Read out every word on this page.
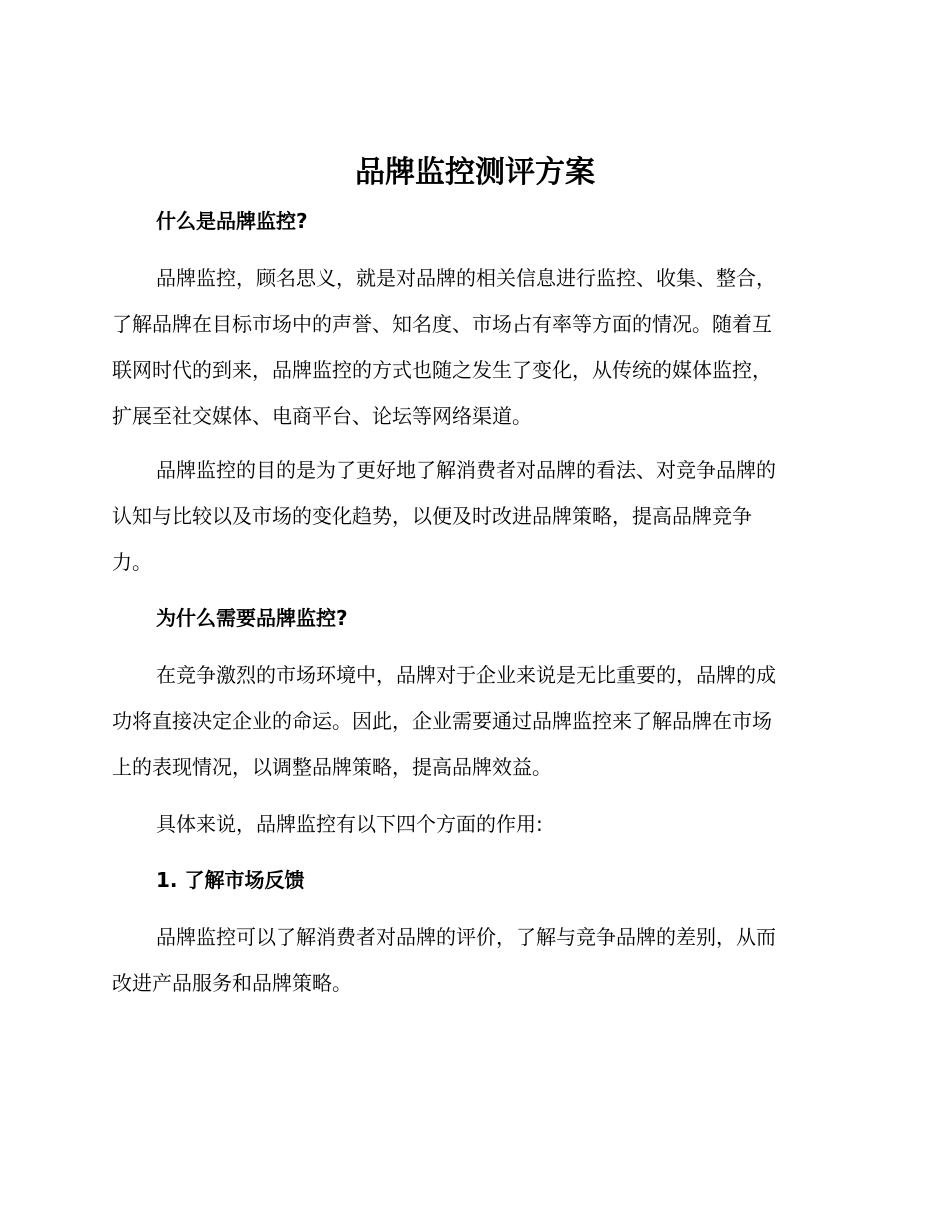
品牌监控测评方案
什么是品牌监控?

品牌监控，顾名思义，就是对品牌的相关信息进行监控、收集、整合，
了解品牌在目标市场中的声誉、知名度、市场占有率等方面的情况。随着互
联网时代的到来，品牌监控的方式也随之发生了变化，从传统的媒体监控，
扩展至社交媒体、电商平台、论坛等网络渠道。

品牌监控的目的是为了更好地了解消费者对品牌的看法、对竞争品牌的
认知与比较以及市场的变化趋势，以便及时改进品牌策略，提高品牌竞争
力。

为什么需要品牌监控?

在竞争激烈的市场环境中，品牌对于企业来说是无比重要的，品牌的成
功将直接决定企业的命运。因此，企业需要通过品牌监控来了解品牌在市场
上的表现情况，以调整品牌策略，提高品牌效益。

具体来说，品牌监控有以下四个方面的作用:

1. 了解市场反馈

品牌监控可以了解消费者对品牌的评价，了解与竞争品牌的差别，从而
改进产品服务和品牌策略。
